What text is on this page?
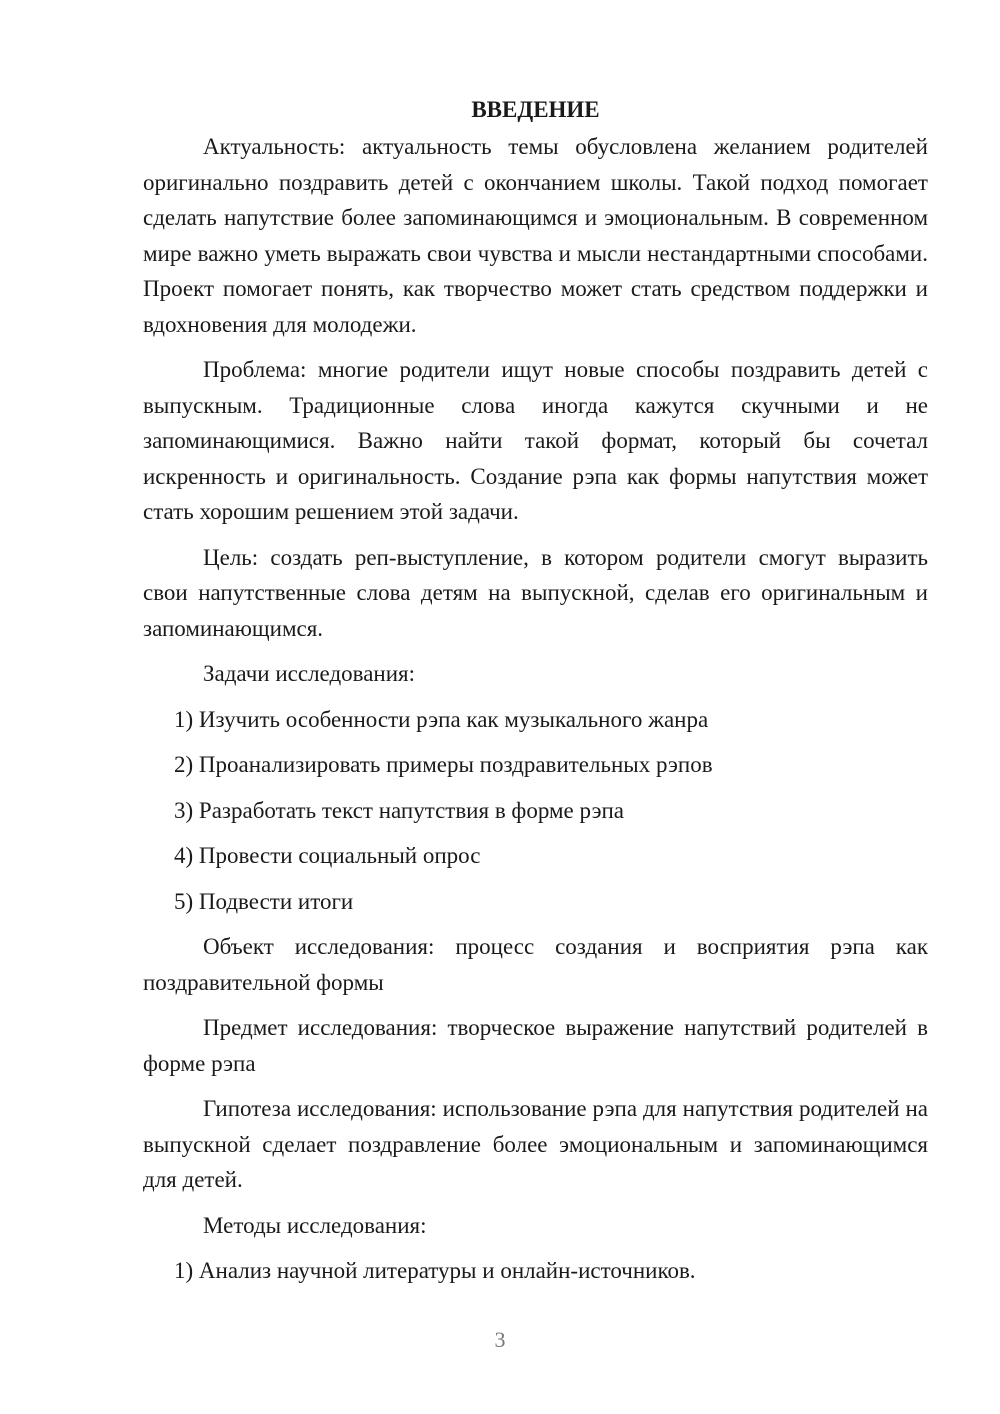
ВВЕДЕНИЕ

Актуальность: актуальность темы обусловлена желанием родителей оригинально поздравить детей с окончанием школы. Такой подход помогает сделать напутствие более запоминающимся и эмоциональным. В современном мире важно уметь выражать свои чувства и мысли нестандартными способами. Проект помогает понять, как творчество может стать средством поддержки и вдохновения для молодежи.

Проблема: многие родители ищут новые способы поздравить детей с выпускным. Традиционные слова иногда кажутся скучными и не запоминающимися. Важно найти такой формат, который бы сочетал искренность и оригинальность. Создание рэпа как формы напутствия может стать хорошим решением этой задачи.

Цель: создать реп-выступление, в котором родители смогут выразить свои напутственные слова детям на выпускной, сделав его оригинальным и запоминающимся.

Задачи исследования:

1) Изучить особенности рэпа как музыкального жанра
2) Проанализировать примеры поздравительных рэпов
3) Разработать текст напутствия в форме рэпа
4) Провести социальный опрос
5) Подвести итоги

Объект исследования: процесс создания и восприятия рэпа как поздравительной формы

Предмет исследования: творческое выражение напутствий родителей в форме рэпа

Гипотеза исследования: использование рэпа для напутствия родителей на выпускной сделает поздравление более эмоциональным и запоминающимся для детей.

Методы исследования:

1) Анализ научной литературы и онлайн-источников.
3
